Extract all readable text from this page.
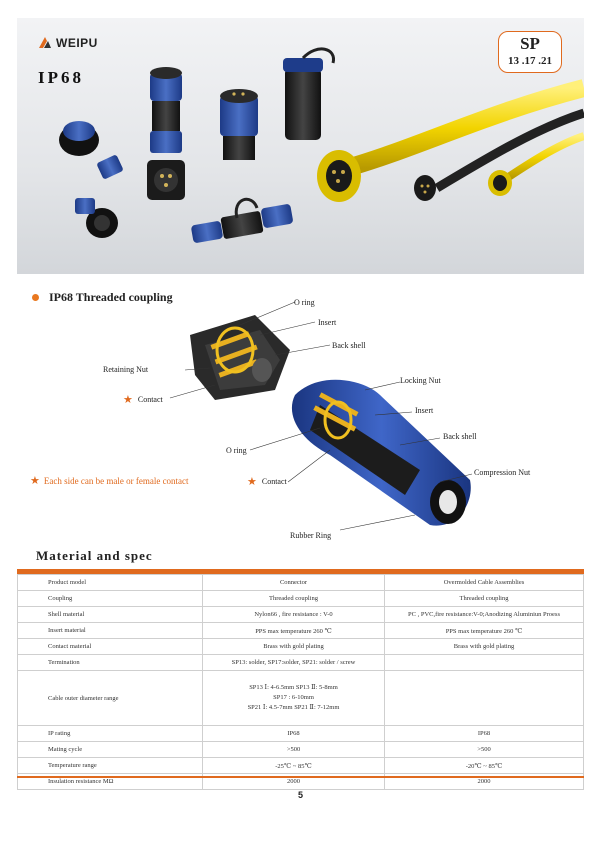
WEIPU
IP68
SP
13 .17 .21
IP68 Threaded coupling	O ring
Insert
Back shell
Retaining Nut
★ Contact
Locking Nut
Insert
Back shell
O ring
Compression Nut
★ Contact
Rubber Ring
★ Each side can be male or female contact
Material and spec
Product model	Connector	Overmolded Cable Assemblies
Coupling	Threaded coupling	Threaded coupling
Shell material	Nylon66 , fire resistance : V-0	PC , PVC,fire resistance:V-0;Anodizing Aluminiun Proess
Insert material	PPS max temperature 260 ℃	PPS max temperature 260 ℃
Contact material	Brass with gold plating	Brass with gold plating
Termination	SP13: solder, SP17:solder, SP21: solder / screw	
Cable outer diameter range	SP13 Ⅰ: 4-6.5mm SP13 Ⅱ: 5-8mm
SP17 : 6-10mm
SP21 Ⅰ: 4.5-7mm SP21 Ⅱ: 7-12mm	

IP rating	IP68	IP68
Mating cycle	>500	>500
Temperature range	-25℃ ~ 85℃	-20℃ ~ 85℃
Insulation resistance MΩ	2000	2000
5
